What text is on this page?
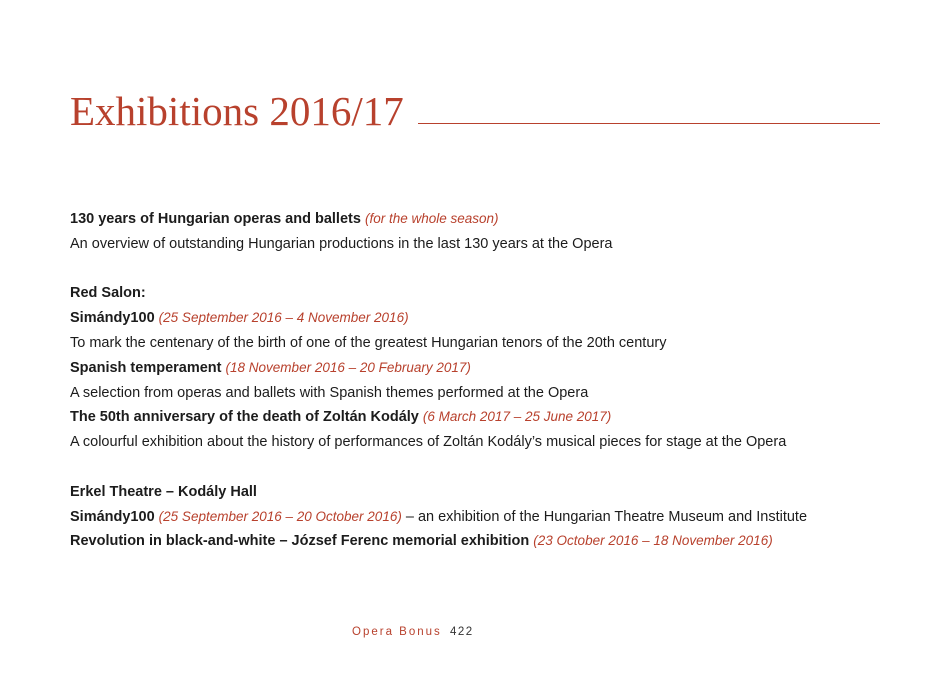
Exhibitions 2016/17
130 years of Hungarian operas and ballets (for the whole season)
An overview of outstanding Hungarian productions in the last 130 years at the Opera
Red Salon:
Simándy100 (25 September 2016 – 4 November 2016)
To mark the centenary of the birth of one of the greatest Hungarian tenors of the 20th century
Spanish temperament (18 November 2016 – 20 February 2017)
A selection from operas and ballets with Spanish themes performed at the Opera
The 50th anniversary of the death of Zoltán Kodály (6 March 2017 – 25 June 2017)
A colourful exhibition about the history of performances of Zoltán Kodály’s musical pieces for stage at the Opera
Erkel Theatre – Kodály Hall
Simándy100 (25 September 2016 – 20 October 2016) – an exhibition of the Hungarian Theatre Museum and Institute
Revolution in black-and-white – József Ferenc memorial exhibition (23 October 2016 – 18 November 2016)
Opera Bonus 422
